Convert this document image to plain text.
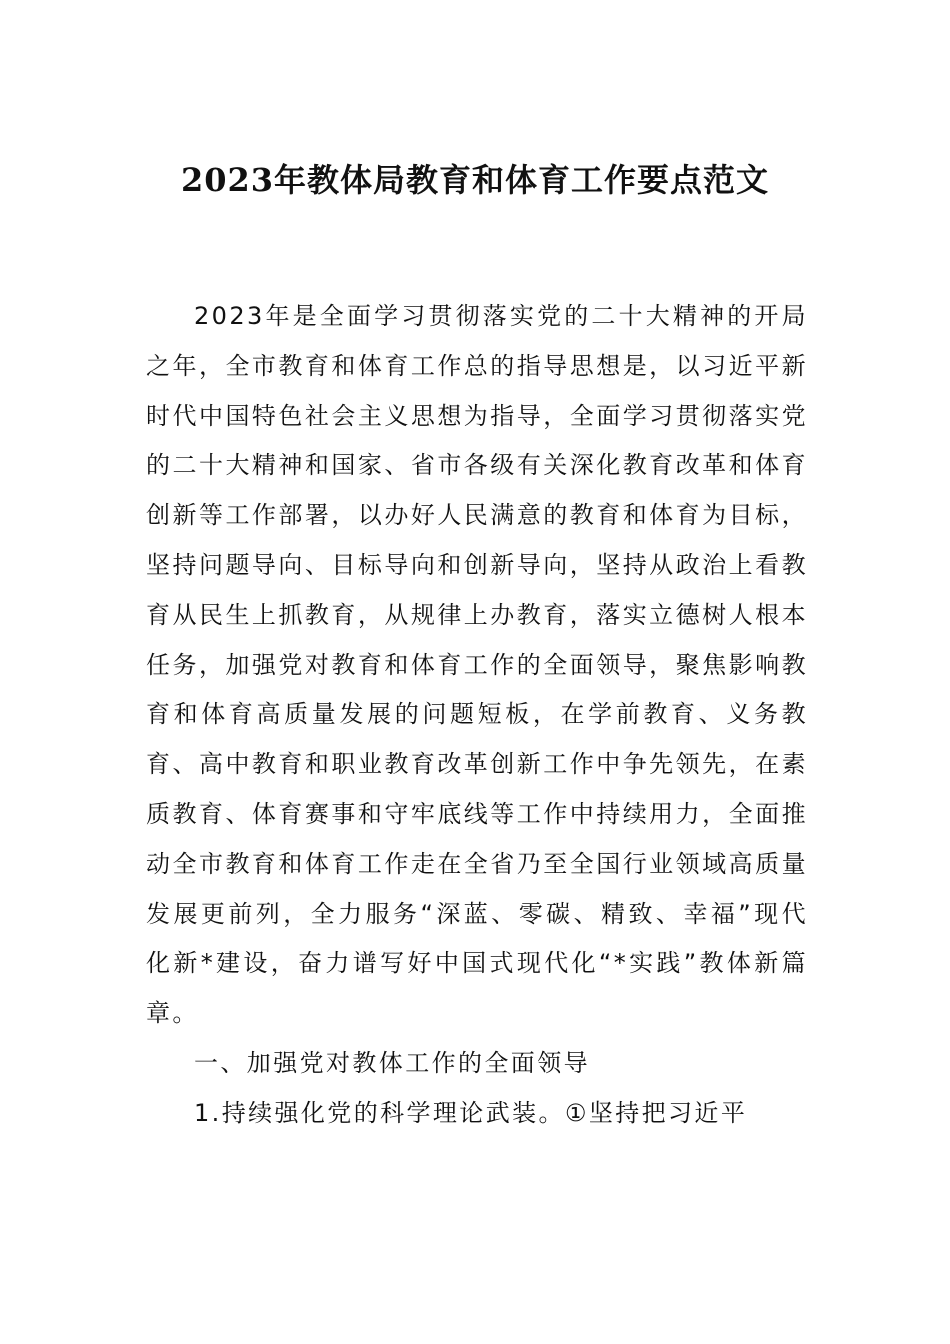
2023年教体局教育和体育工作要点范文

2023年是全面学习贯彻落实党的二十大精神的开局之年，全市教育和体育工作总的指导思想是，以习近平新时代中国特色社会主义思想为指导，全面学习贯彻落实党的二十大精神和国家、省市各级有关深化教育改革和体育创新等工作部署，以办好人民满意的教育和体育为目标，坚持问题导向、目标导向和创新导向，坚持从政治上看教育从民生上抓教育，从规律上办教育，落实立德树人根本任务，加强党对教育和体育工作的全面领导，聚焦影响教育和体育高质量发展的问题短板，在学前教育、义务教育、高中教育和职业教育改革创新工作中争先领先，在素质教育、体育赛事和守牢底线等工作中持续用力，全面推动全市教育和体育工作走在全省乃至全国行业领域高质量发展更前列，全力服务“深蓝、零碳、精致、幸福”现代化新*建设，奋力谱写好中国式现代化“*实践”教体新篇章。

一、加强党对教体工作的全面领导

1.持续强化党的科学理论武装。①坚持把习近平
